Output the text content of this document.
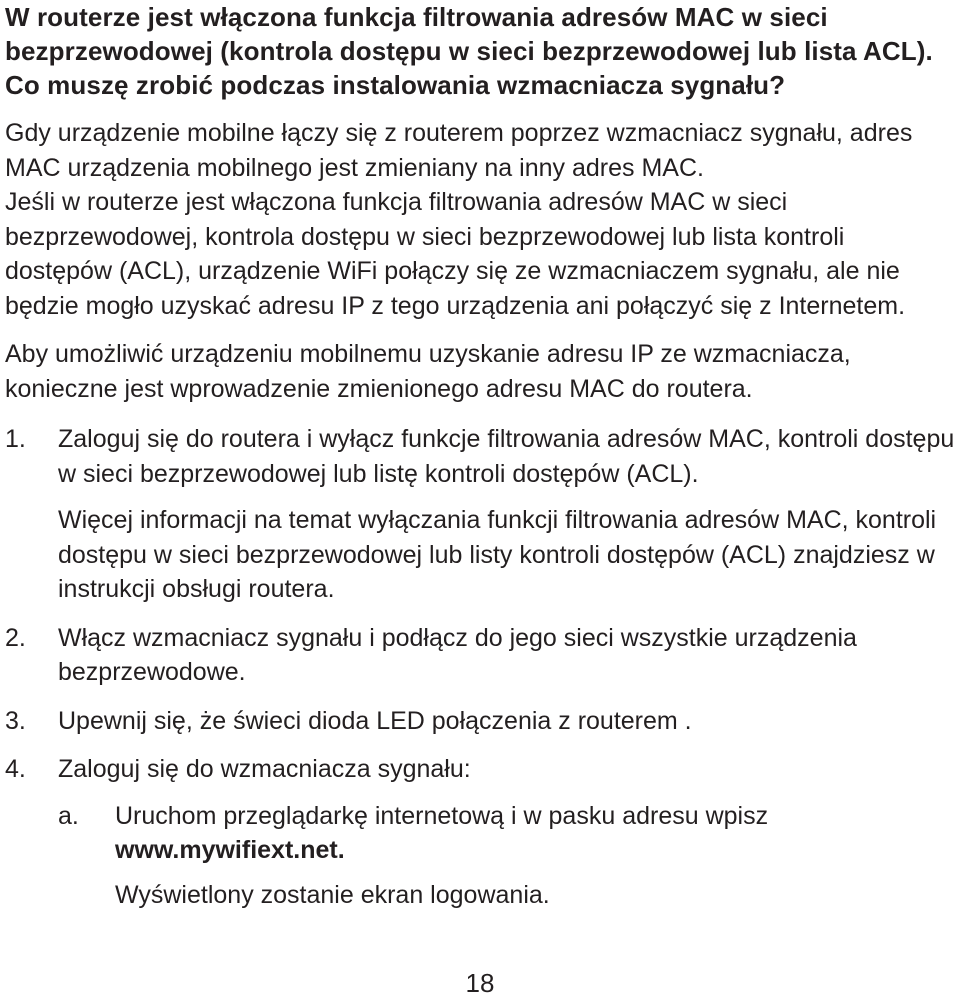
W routerze jest włączona funkcja filtrowania adresów MAC w sieci bezprzewodowej (kontrola dostępu w sieci bezprzewodowej lub lista ACL). Co muszę zrobić podczas instalowania wzmacniacza sygnału?

Gdy urządzenie mobilne łączy się z routerem poprzez wzmacniacz sygnału, adres MAC urządzenia mobilnego jest zmieniany na inny adres MAC.

Jeśli w routerze jest włączona funkcja filtrowania adresów MAC w sieci bezprzewodowej, kontrola dostępu w sieci bezprzewodowej lub lista kontroli dostępów (ACL), urządzenie WiFi połączy się ze wzmacniaczem sygnału, ale nie będzie mogło uzyskać adresu IP z tego urządzenia ani połączyć się z Internetem.

Aby umożliwić urządzeniu mobilnemu uzyskanie adresu IP ze wzmacniacza, konieczne jest wprowadzenie zmienionego adresu MAC do routera.

1.	Zaloguj się do routera i wyłącz funkcje filtrowania adresów MAC, kontroli dostępu w sieci bezprzewodowej lub listę kontroli dostępów (ACL).
Więcej informacji na temat wyłączania funkcji filtrowania adresów MAC, kontroli dostępu w sieci bezprzewodowej lub listy kontroli dostępów (ACL) znajdziesz w instrukcji obsługi routera.
2.	Włącz wzmacniacz sygnału i podłącz do jego sieci wszystkie urządzenia bezprzewodowe.
3.	Upewnij się, że świeci dioda LED połączenia z routerem .
4.	Zaloguj się do wzmacniacza sygnału:
a.	Uruchom przeglądarkę internetową i w pasku adresu wpisz
www.mywifiext.net.
Wyświetlony zostanie ekran logowania.
18
